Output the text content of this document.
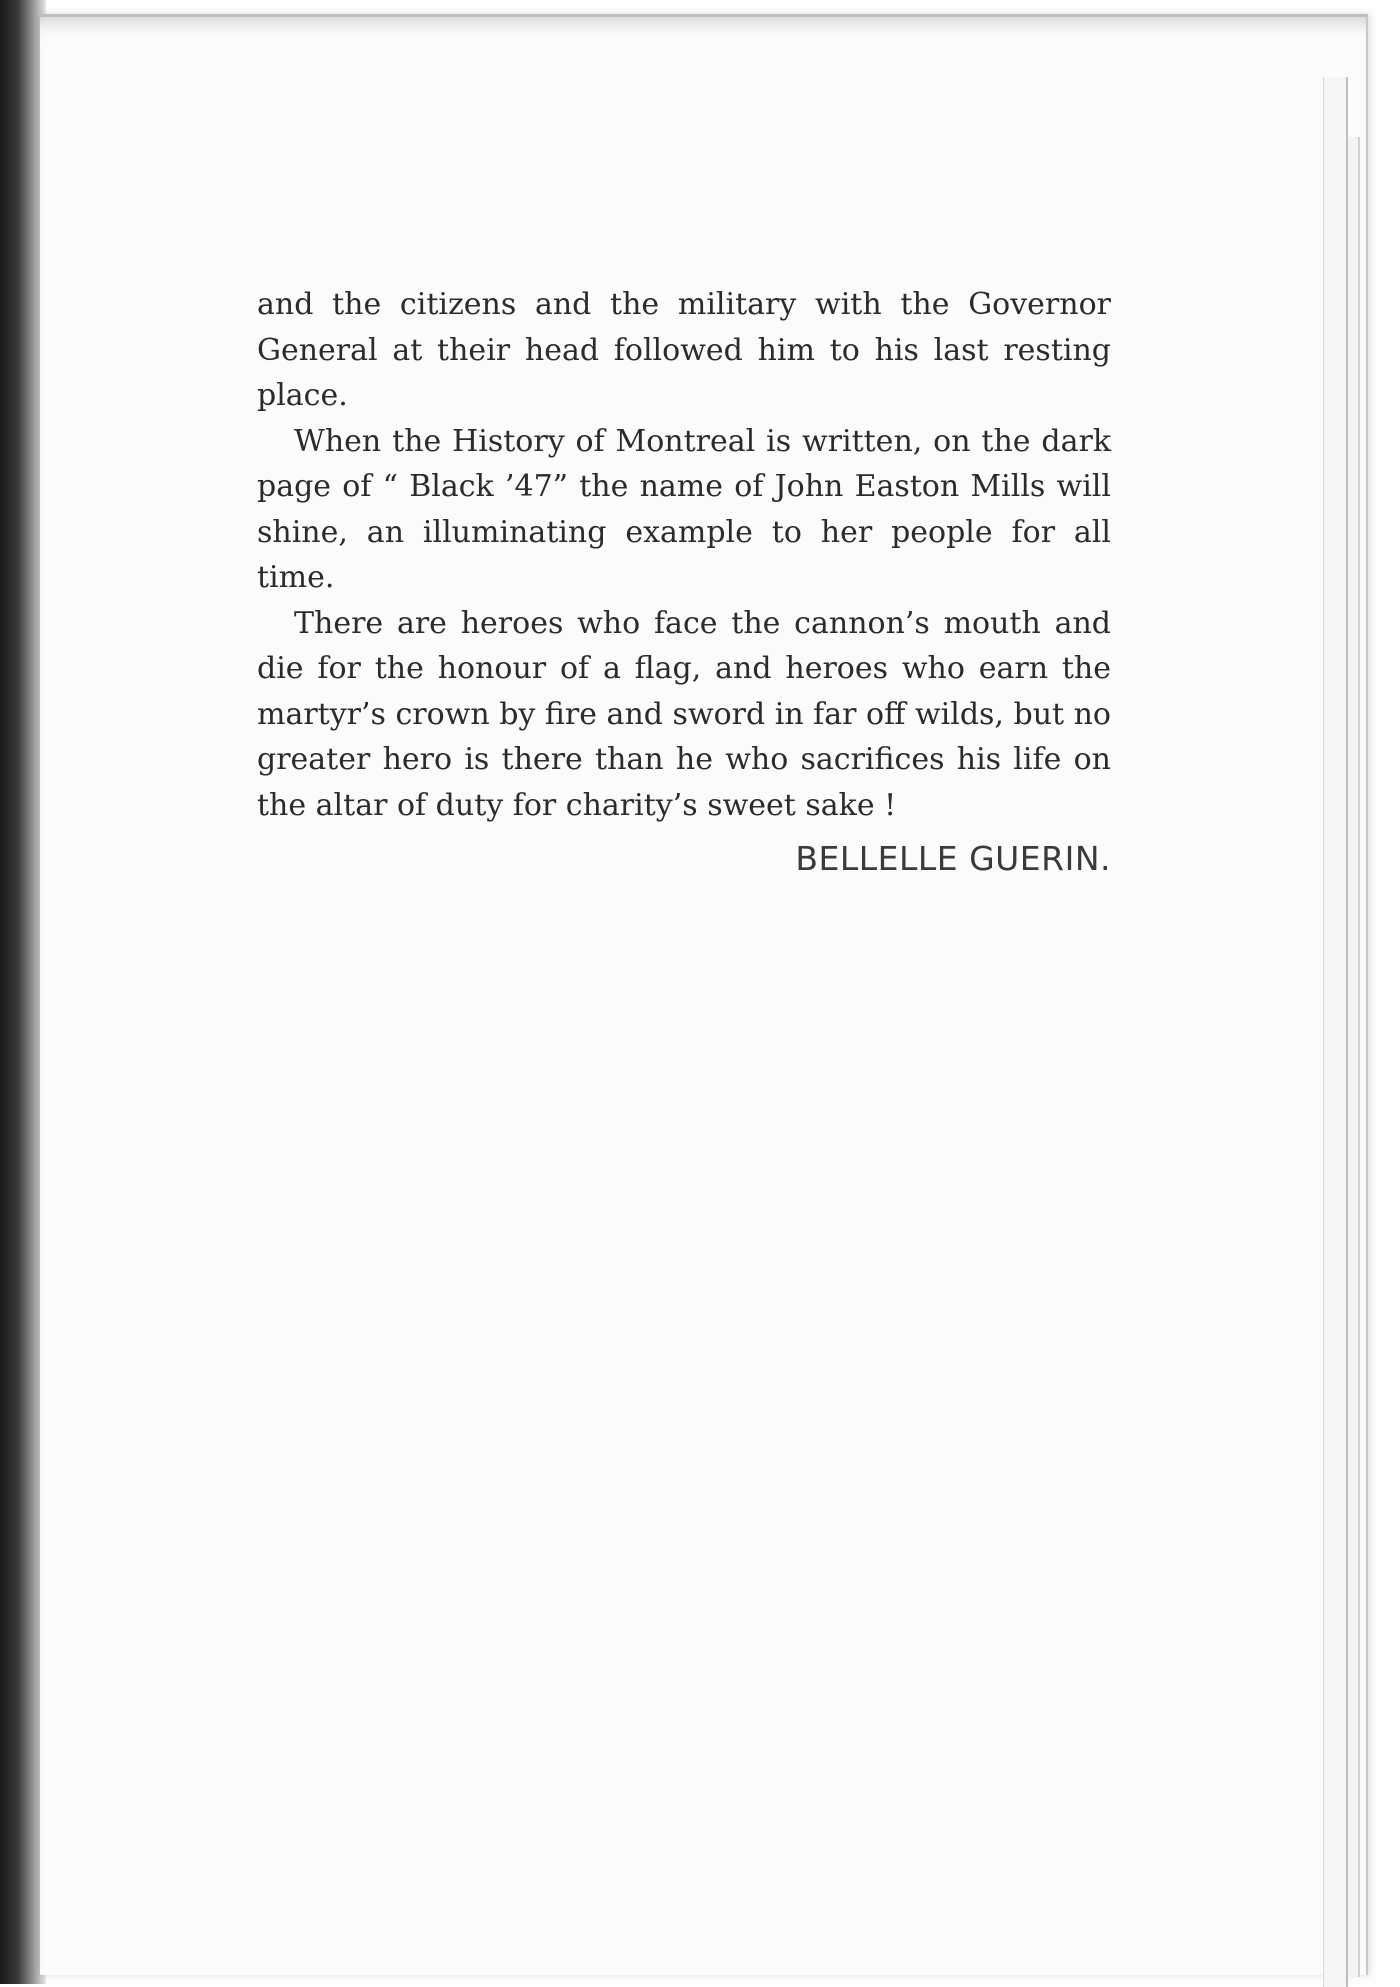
and the citizens and the military with the Governor General at their head followed him to his last resting place.

When the History of Montreal is written, on the dark page of “ Black ’47” the name of John Easton Mills will shine, an illuminating example to her people for all time.

There are heroes who face the cannon’s mouth and die for the honour of a flag, and heroes who earn the martyr’s crown by fire and sword in far off wilds, but no greater hero is there than he who sacrifices his life on the altar of duty for charity’s sweet sake !

BELLELLE GUERIN.
